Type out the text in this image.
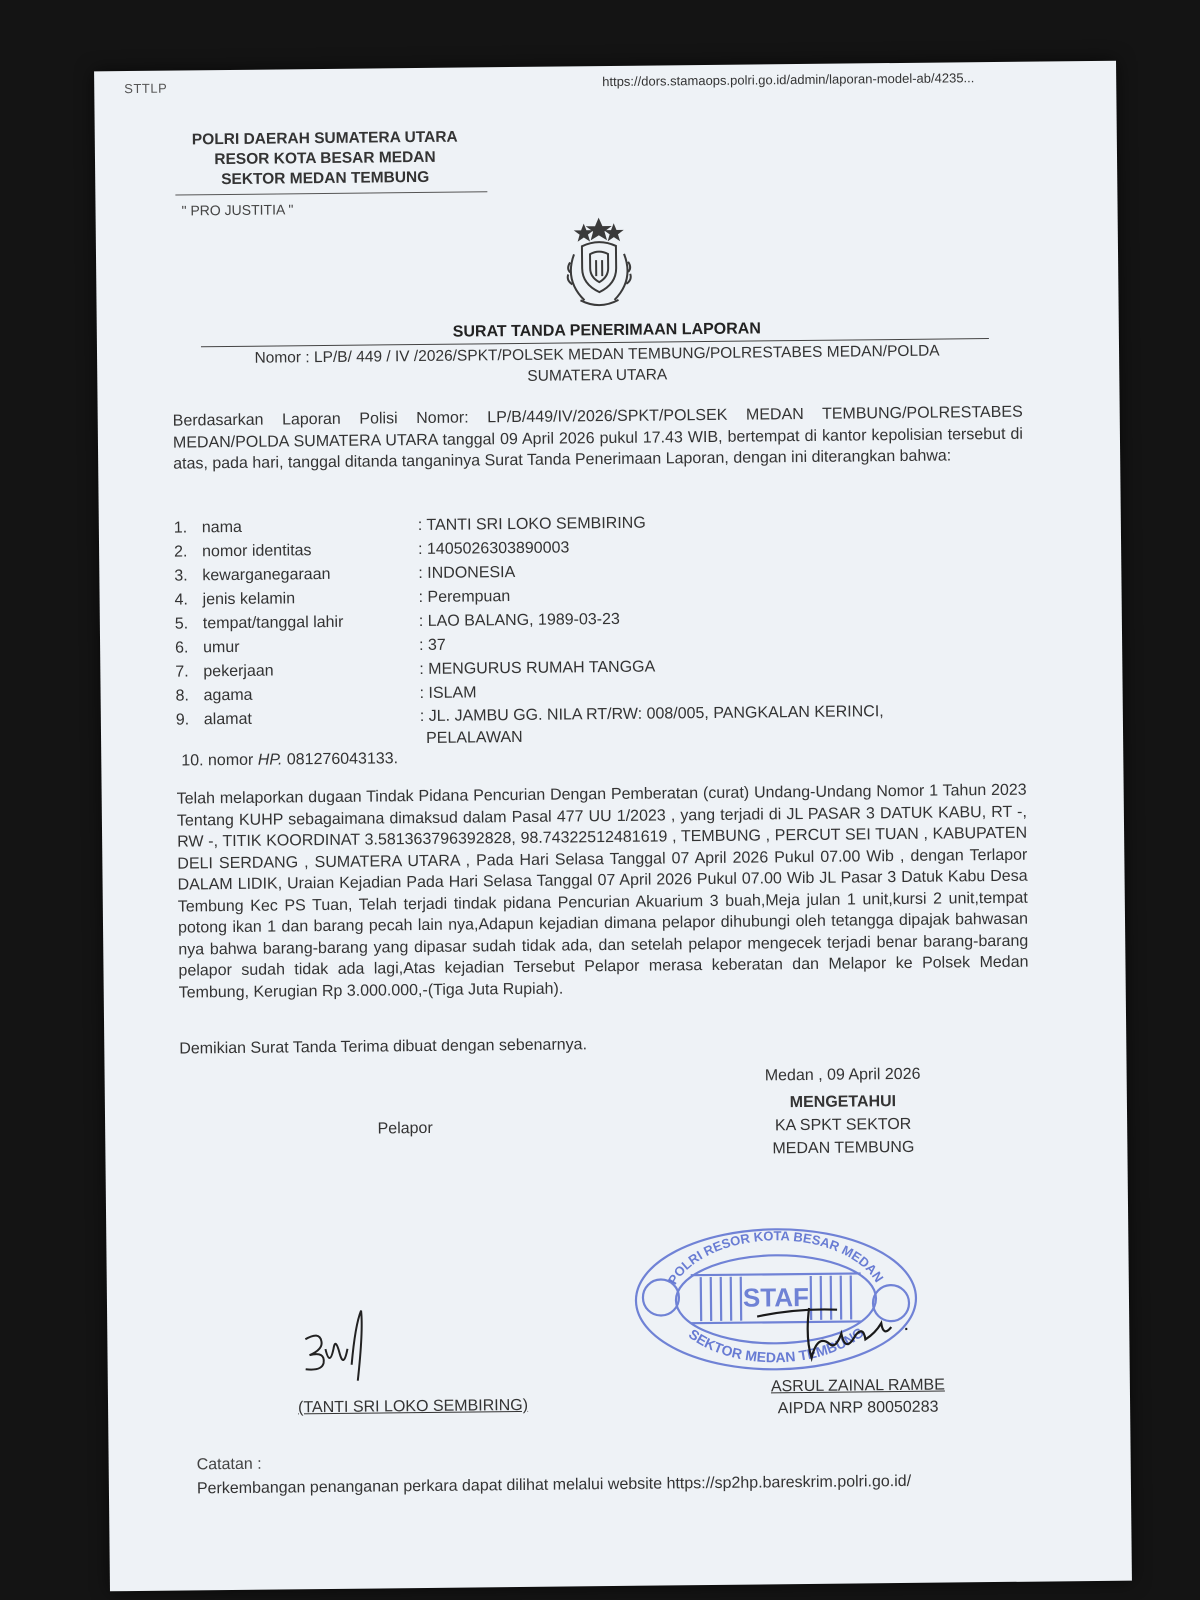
STTLP	https://dors.stamaops.polri.go.id/admin/laporan-model-ab/4235...
POLRI DAERAH SUMATERA UTARA
RESOR KOTA BESAR MEDAN
SEKTOR MEDAN TEMBUNG
" PRO JUSTITIA "
SURAT TANDA PENERIMAAN LAPORAN
Nomor : LP/B/ 449 / IV /2026/SPKT/POLSEK MEDAN TEMBUNG/POLRESTABES MEDAN/POLDA
SUMATERA UTARA
Berdasarkan Laporan Polisi Nomor: LP/B/449/IV/2026/SPKT/POLSEK MEDAN TEMBUNG/POLRESTABES MEDAN/POLDA SUMATERA UTARA tanggal 09 April 2026 pukul 17.43 WIB, bertempat di kantor kepolisian tersebut di atas, pada hari, tanggal ditanda tanganinya Surat Tanda Penerimaan Laporan, dengan ini diterangkan bahwa:
1. nama	: TANTI SRI LOKO SEMBIRING
2. nomor identitas	: 1405026303890003
3. kewarganegaraan	: INDONESIA
4. jenis kelamin	: Perempuan
5. tempat/tanggal lahir	: LAO BALANG, 1989-03-23
6. umur	: 37
7. pekerjaan	: MENGURUS RUMAH TANGGA
8. agama	: ISLAM
9. alamat	: JL. JAMBU GG. NILA RT/RW: 008/005, PANGKALAN KERINCI,
PELALAWAN
10. nomor HP. 081276043133.
Telah melaporkan dugaan Tindak Pidana Pencurian Dengan Pemberatan (curat) Undang-Undang Nomor 1 Tahun 2023 Tentang KUHP sebagaimana dimaksud dalam Pasal 477 UU 1/2023 , yang terjadi di JL PASAR 3 DATUK KABU, RT -, RW -, TITIK KOORDINAT 3.581363796392828, 98.74322512481619 , TEMBUNG , PERCUT SEI TUAN , KABUPATEN DELI SERDANG , SUMATERA UTARA , Pada Hari Selasa Tanggal 07 April 2026 Pukul 07.00 Wib , dengan Terlapor DALAM LIDIK, Uraian Kejadian Pada Hari Selasa Tanggal 07 April 2026 Pukul 07.00 Wib JL Pasar 3 Datuk Kabu Desa Tembung Kec PS Tuan, Telah terjadi tindak pidana Pencurian Akuarium 3 buah,Meja julan 1 unit,kursi 2 unit,tempat potong ikan 1 dan barang pecah lain nya,Adapun kejadian dimana pelapor dihubungi oleh tetangga dipajak bahwasan nya bahwa barang-barang yang dipasar sudah tidak ada, dan setelah pelapor mengecek terjadi benar barang-barang pelapor sudah tidak ada lagi,Atas kejadian Tersebut Pelapor merasa keberatan dan Melapor ke Polsek Medan Tembung, Kerugian Rp 3.000.000,-(Tiga Juta Rupiah).
Demikian Surat Tanda Terima dibuat dengan sebenarnya.
Medan , 09 April 2026
MENGETAHUI
KA SPKT SEKTOR
MEDAN TEMBUNG
Pelapor
POLRI RESOR KOTA BESAR MEDAN
STAF
SEKTOR MEDAN TEMBUNG
(TANTI SRI LOKO SEMBIRING)
ASRUL ZAINAL RAMBE
AIPDA NRP 80050283
Catatan :
Perkembangan penanganan perkara dapat dilihat melalui website https://sp2hp.bareskrim.polri.go.id/
